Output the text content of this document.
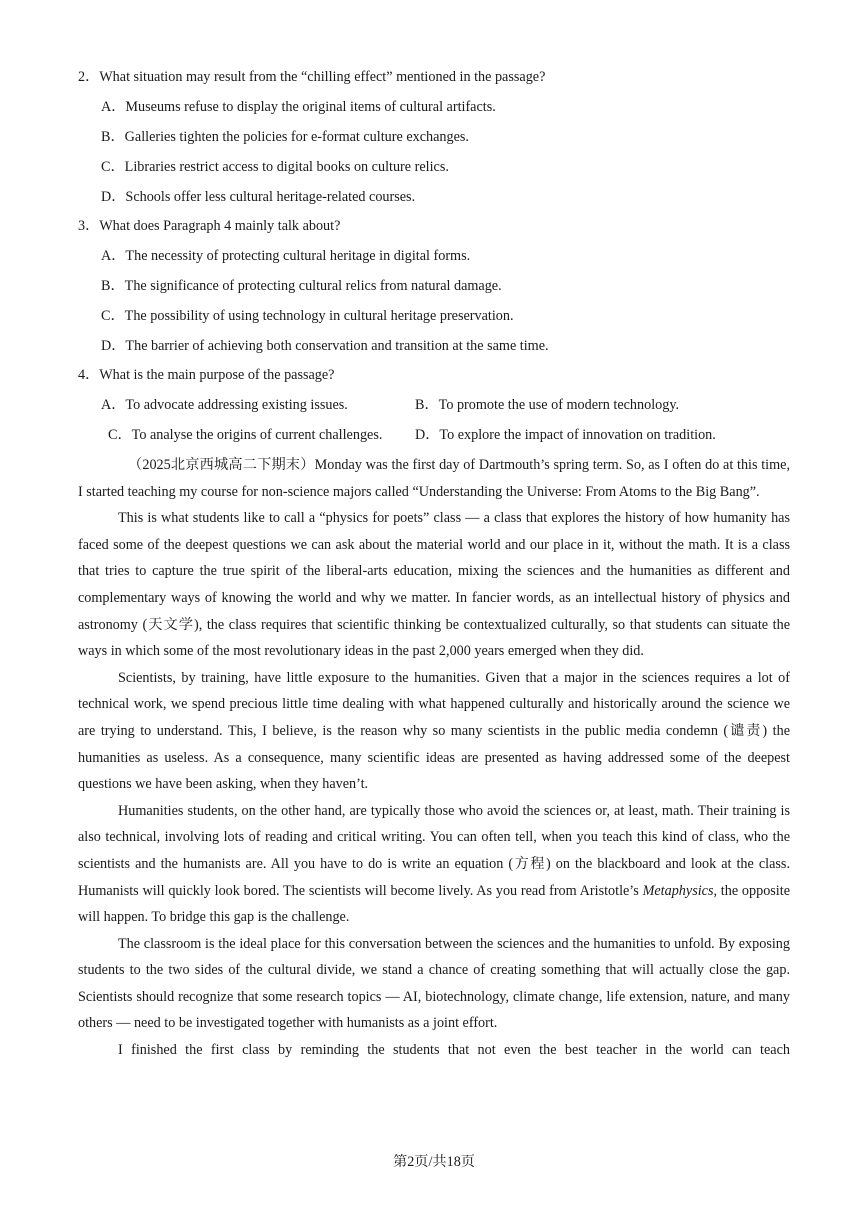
2．What situation may result from the “chilling effect” mentioned in the passage?
A．Museums refuse to display the original items of cultural artifacts.
B．Galleries tighten the policies for e-format culture exchanges.
C．Libraries restrict access to digital books on culture relics.
D．Schools offer less cultural heritage-related courses.
3．What does Paragraph 4 mainly talk about?
A．The necessity of protecting cultural heritage in digital forms.
B．The significance of protecting cultural relics from natural damage.
C．The possibility of using technology in cultural heritage preservation.
D．The barrier of achieving both conservation and transition at the same time.
4．What is the main purpose of the passage?
A．To advocate addressing existing issues.	B．To promote the use of modern technology.
C．To analyse the origins of current challenges. D．To explore the impact of innovation on tradition.

（2025北京西城高二下期末）Monday was the first day of Dartmouth’s spring term. So, as I often do at this time, I started teaching my course for non-science majors called “Understanding the Universe: From Atoms to the Big Bang”.

This is what students like to call a “physics for poets” class — a class that explores the history of how humanity has faced some of the deepest questions we can ask about the material world and our place in it, without the math. It is a class that tries to capture the true spirit of the liberal-arts education, mixing the sciences and the humanities as different and complementary ways of knowing the world and why we matter. In fancier words, as an intellectual history of physics and astronomy (天文学), the class requires that scientific thinking be contextualized culturally, so that students can situate the ways in which some of the most revolutionary ideas in the past 2,000 years emerged when they did.

Scientists, by training, have little exposure to the humanities. Given that a major in the sciences requires a lot of technical work, we spend precious little time dealing with what happened culturally and historically around the science we are trying to understand. This, I believe, is the reason why so many scientists in the public media condemn (谴责) the humanities as useless. As a consequence, many scientific ideas are presented as having addressed some of the deepest questions we have been asking, when they haven’t.

Humanities students, on the other hand, are typically those who avoid the sciences or, at least, math. Their training is also technical, involving lots of reading and critical writing. You can often tell, when you teach this kind of class, who the scientists and the humanists are. All you have to do is write an equation (方程) on the blackboard and look at the class. Humanists will quickly look bored. The scientists will become lively. As you read from Aristotle’s Metaphysics, the opposite will happen. To bridge this gap is the challenge.

The classroom is the ideal place for this conversation between the sciences and the humanities to unfold. By exposing students to the two sides of the cultural divide, we stand a chance of creating something that will actually close the gap. Scientists should recognize that some research topics — AI, biotechnology, climate change, life extension, nature, and many others — need to be investigated together with humanists as a joint effort.

I finished the first class by reminding the students that not even the best teacher in the world can teach

第2页/共18页
